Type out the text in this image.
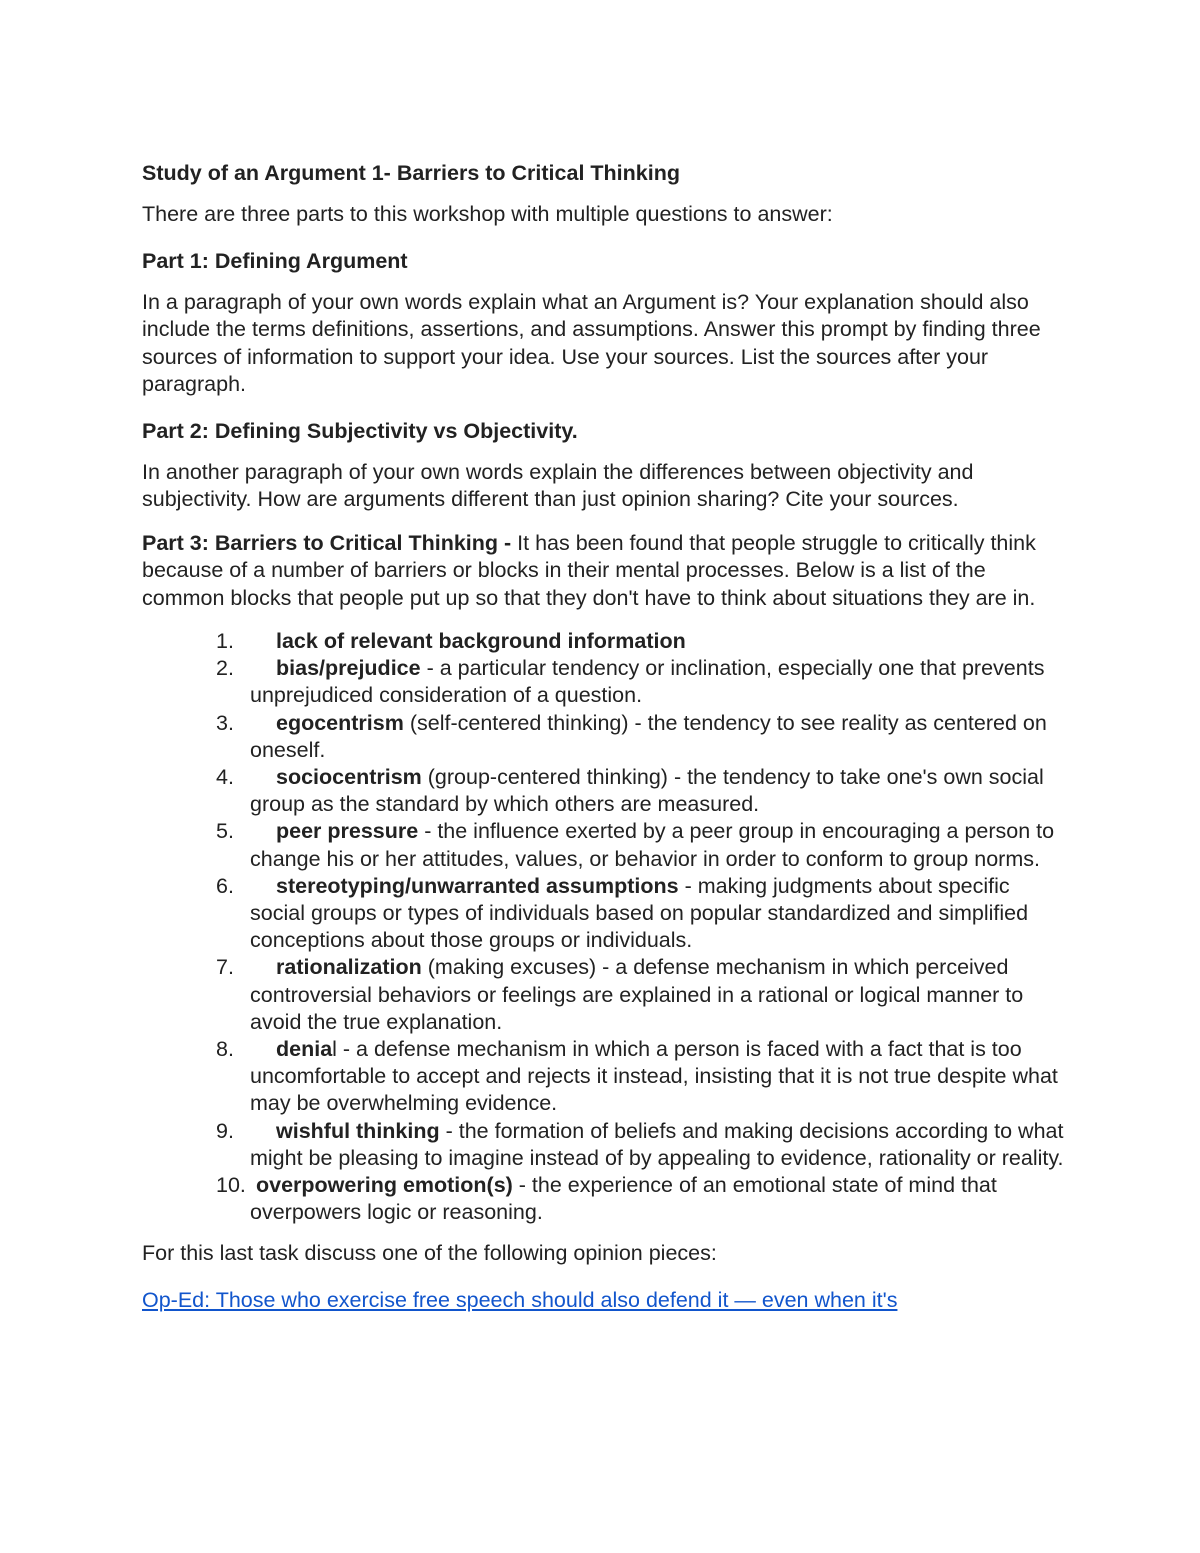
Study of an Argument 1- Barriers to Critical Thinking
There are three parts to this workshop with multiple questions to answer:
Part 1: Defining Argument
In a paragraph of your own words explain what an Argument is? Your explanation should also include the terms definitions, assertions, and assumptions. Answer this prompt by finding three sources of information to support your idea. Use your sources. List the sources after your paragraph.
Part 2: Defining Subjectivity vs Objectivity.
In another paragraph of your own words explain the differences between objectivity and subjectivity. How are arguments different than just opinion sharing? Cite your sources.
Part 3: Barriers to Critical Thinking - It has been found that people struggle to critically think because of a number of barriers or blocks in their mental processes. Below is a list of the common blocks that people put up so that they don't have to think about situations they are in.
1. lack of relevant background information
2. bias/prejudice - a particular tendency or inclination, especially one that prevents unprejudiced consideration of a question.
3. egocentrism (self-centered thinking) - the tendency to see reality as centered on oneself.
4. sociocentrism (group-centered thinking) - the tendency to take one's own social group as the standard by which others are measured.
5. peer pressure - the influence exerted by a peer group in encouraging a person to change his or her attitudes, values, or behavior in order to conform to group norms.
6. stereotyping/unwarranted assumptions - making judgments about specific social groups or types of individuals based on popular standardized and simplified conceptions about those groups or individuals.
7. rationalization (making excuses) - a defense mechanism in which perceived controversial behaviors or feelings are explained in a rational or logical manner to avoid the true explanation.
8. denial - a defense mechanism in which a person is faced with a fact that is too uncomfortable to accept and rejects it instead, insisting that it is not true despite what may be overwhelming evidence.
9. wishful thinking - the formation of beliefs and making decisions according to what might be pleasing to imagine instead of by appealing to evidence, rationality or reality.
10. overpowering emotion(s) - the experience of an emotional state of mind that overpowers logic or reasoning.
For this last task discuss one of the following opinion pieces:
Op-Ed: Those who exercise free speech should also defend it — even when it's
